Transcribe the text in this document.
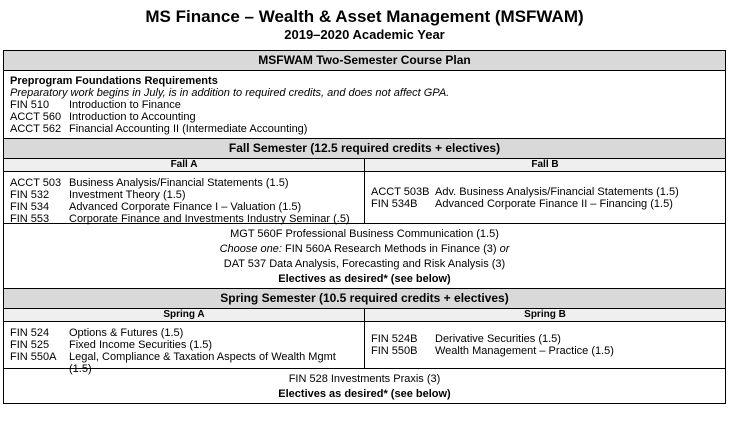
MS Finance – Wealth & Asset Management (MSFWAM)
2019–2020 Academic Year
MSFWAM Two-Semester Course Plan
Preprogram Foundations Requirements
Preparatory work begins in July, is in addition to required credits, and does not affect GPA.
FIN 510	Introduction to Finance
ACCT 560 Introduction to Accounting
ACCT 562 Financial Accounting II (Intermediate Accounting)
Fall Semester (12.5 required credits + electives)
Fall A
ACCT 503 Business Analysis/Financial Statements (1.5)
FIN 532	Investment Theory (1.5)
FIN 534	Advanced Corporate Finance I – Valuation (1.5)
FIN 553	Corporate Finance and Investments Industry Seminar (.5)
Fall B
ACCT 503B Adv. Business Analysis/Financial Statements (1.5)
FIN 534B	Advanced Corporate Finance II – Financing (1.5)
MGT 560F Professional Business Communication (1.5)
Choose one: FIN 560A Research Methods in Finance (3) or
DAT 537 Data Analysis, Forecasting and Risk Analysis (3)
Electives as desired* (see below)
Spring Semester (10.5 required credits + electives)
Spring A
FIN 524	Options & Futures (1.5)
FIN 525	Fixed Income Securities (1.5)
FIN 550A	Legal, Compliance & Taxation Aspects of Wealth Mgmt (1.5)
Spring B
FIN 524B	Derivative Securities (1.5)
FIN 550B	Wealth Management – Practice (1.5)
FIN 528 Investments Praxis (3)
Electives as desired* (see below)
